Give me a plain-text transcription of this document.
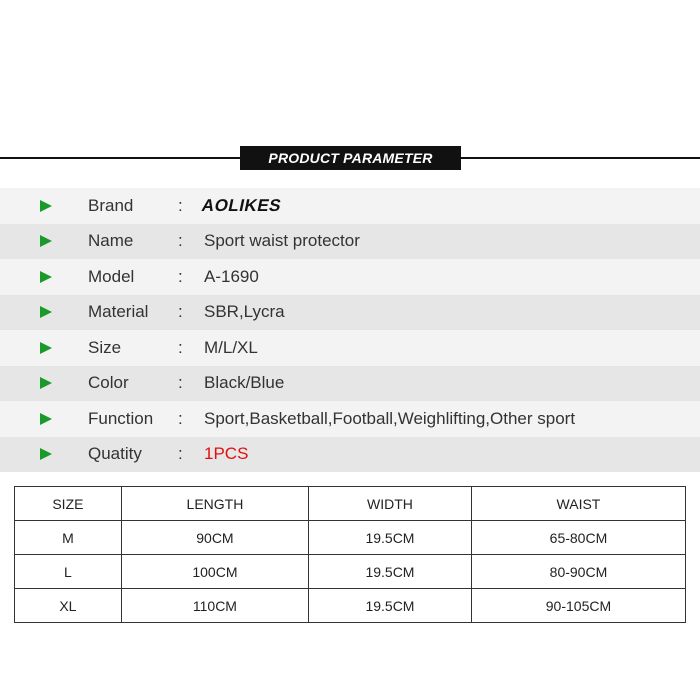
PRODUCT PARAMETER
Brand	: AOLIKES
Name	: Sport waist protector
Model	: A-1690
Material : SBR,Lycra
Size	: M/L/XL
Color	: Black/Blue
Function : Sport,Basketball,Football,Weighlifting,Other sport
Quatity : 1PCS
SIZE	LENGTH	WIDTH	WAIST
M	90CM	19.5CM	65-80CM
L	100CM	19.5CM	80-90CM
XL	110CM	19.5CM	90-105CM
